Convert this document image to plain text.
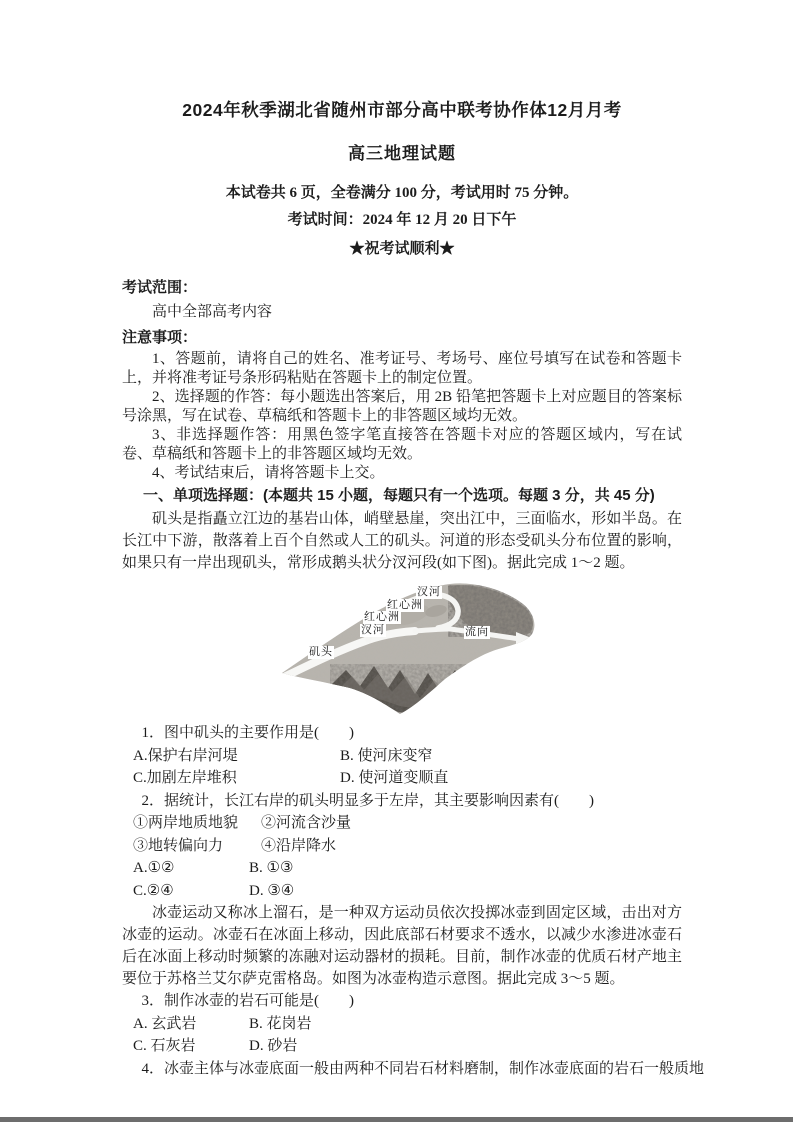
2024年秋季湖北省随州市部分高中联考协作体12月月考
高三地理试题

本试卷共 6 页，全卷满分 100 分，考试用时 75 分钟。

考试时间：2024 年 12 月 20 日下午

★祝考试顺利★

考试范围：

高中全部高考内容

注意事项：

1、答题前，请将自己的姓名、准考证号、考场号、座位号填写在试卷和答题卡上，并将准考证号条形码粘贴在答题卡上的制定位置。

2、选择题的作答：每小题选出答案后，用 2B 铅笔把答题卡上对应题目的答案标号涂黑，写在试卷、草稿纸和答题卡上的非答题区域均无效。

3、非选择题作答：用黑色签字笔直接答在答题卡对应的答题区域内，写在试卷、草稿纸和答题卡上的非答题区域均无效。

4、考试结束后，请将答题卡上交。

一、单项选择题：(本题共 15 小题，每题只有一个选项。每题 3 分，共 45 分)

矶头是指矗立江边的基岩山体，峭壁悬崖，突出江中，三面临水，形如半岛。在长江中下游，散落着上百个自然或人工的矶头。河道的形态受矶头分布位置的影响，如果只有一岸出现矶头，常形成鹅头状分汊河段(如下图)。据此完成 1～2 题。

汊河
红心洲
红心洲
汊河	流向
矶头

1．图中矶头的主要作用是(　　)

A.保护右岸河堤	B. 使河床变窄

C.加剧左岸堆积	D. 使河道变顺直

2．据统计，长江右岸的矶头明显多于左岸，其主要影响因素有(　　)

①两岸地质地貌	②河流含沙量

③地转偏向力	④沿岸降水

A.①②	B. ①③

C.②④	D. ③④

冰壶运动又称冰上溜石，是一种双方运动员依次投掷冰壶到固定区域，击出对方冰壶的运动。冰壶石在冰面上移动，因此底部石材要求不透水，以减少水渗进冰壶石后在冰面上移动时频繁的冻融对运动器材的损耗。目前，制作冰壶的优质石材产地主要位于苏格兰艾尔萨克雷格岛。如图为冰壶构造示意图。据此完成 3～5 题。

3．制作冰壶的岩石可能是(　　)

A. 玄武岩	B. 花岗岩

C. 石灰岩	D. 砂岩

4．冰壶主体与冰壶底面一般由两种不同岩石材料磨制，制作冰壶底面的岩石一般质地
